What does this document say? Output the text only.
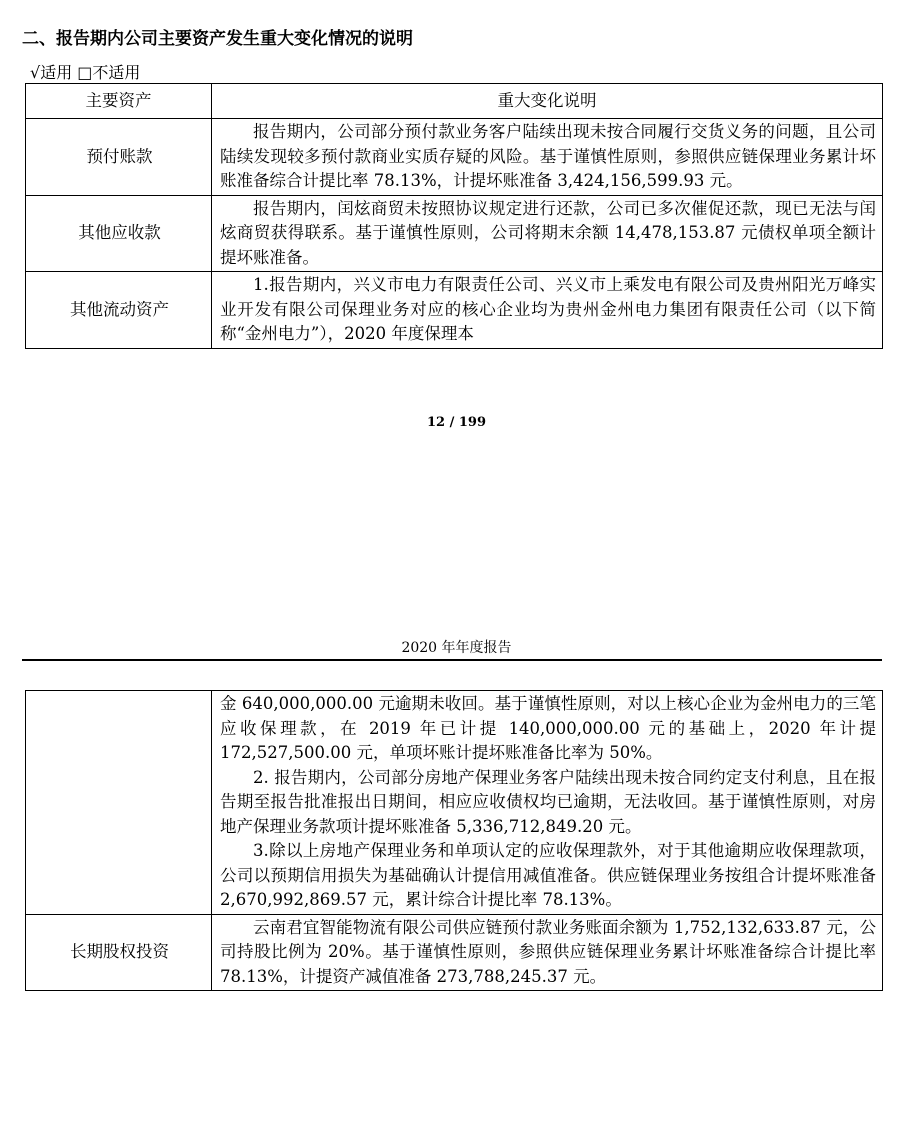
二、报告期内公司主要资产发生重大变化情况的说明
√适用 □不适用
主要资产	重大变化说明
预付账款	报告期内，公司部分预付款业务客户陆续出现未按合同履行交货义务的问题，且公司陆续发现较多预付款商业实质存疑的风险。基于谨慎性原则，参照供应链保理业务累计坏账准备综合计提比率 78.13%，计提坏账准备 3,424,156,599.93 元。

其他应收款	报告期内，闰炫商贸未按照协议规定进行还款，公司已多次催促还款，现已无法与闰炫商贸获得联系。基于谨慎性原则，公司将期末余额 14,478,153.87 元债权单项全额计提坏账准备。

其他流动资产	1.报告期内，兴义市电力有限责任公司、兴义市上乘发电有限公司及贵州阳光万峰实业开发有限公司保理业务对应的核心企业均为贵州金州电力集团有限责任公司（以下简称“金州电力”），2020 年度保理本

12 / 199
2020 年年度报告

	金 640,000,000.00 元逾期未收回。基于谨慎性原则，对以上核心企业为金州电力的三笔应收保理款，在 2019 年已计提 140,000,000.00 元的基础上，2020 年计提 172,527,500.00 元，单项坏账计提坏账准备比率为 50%。

2. 报告期内，公司部分房地产保理业务客户陆续出现未按合同约定支付利息，且在报告期至报告批准报出日期间，相应应收债权均已逾期，无法收回。基于谨慎性原则，对房地产保理业务款项计提坏账准备 5,336,712,849.20 元。

3.除以上房地产保理业务和单项认定的应收保理款外，对于其他逾期应收保理款项，公司以预期信用损失为基础确认计提信用减值准备。供应链保理业务按组合计提坏账准备 2,670,992,869.57 元，累计综合计提比率 78.13%。

长期股权投资	云南君宜智能物流有限公司供应链预付款业务账面余额为 1,752,132,633.87 元，公司持股比例为 20%。基于谨慎性原则，参照供应链保理业务累计坏账准备综合计提比率 78.13%，计提资产减值准备 273,788,245.37 元。
